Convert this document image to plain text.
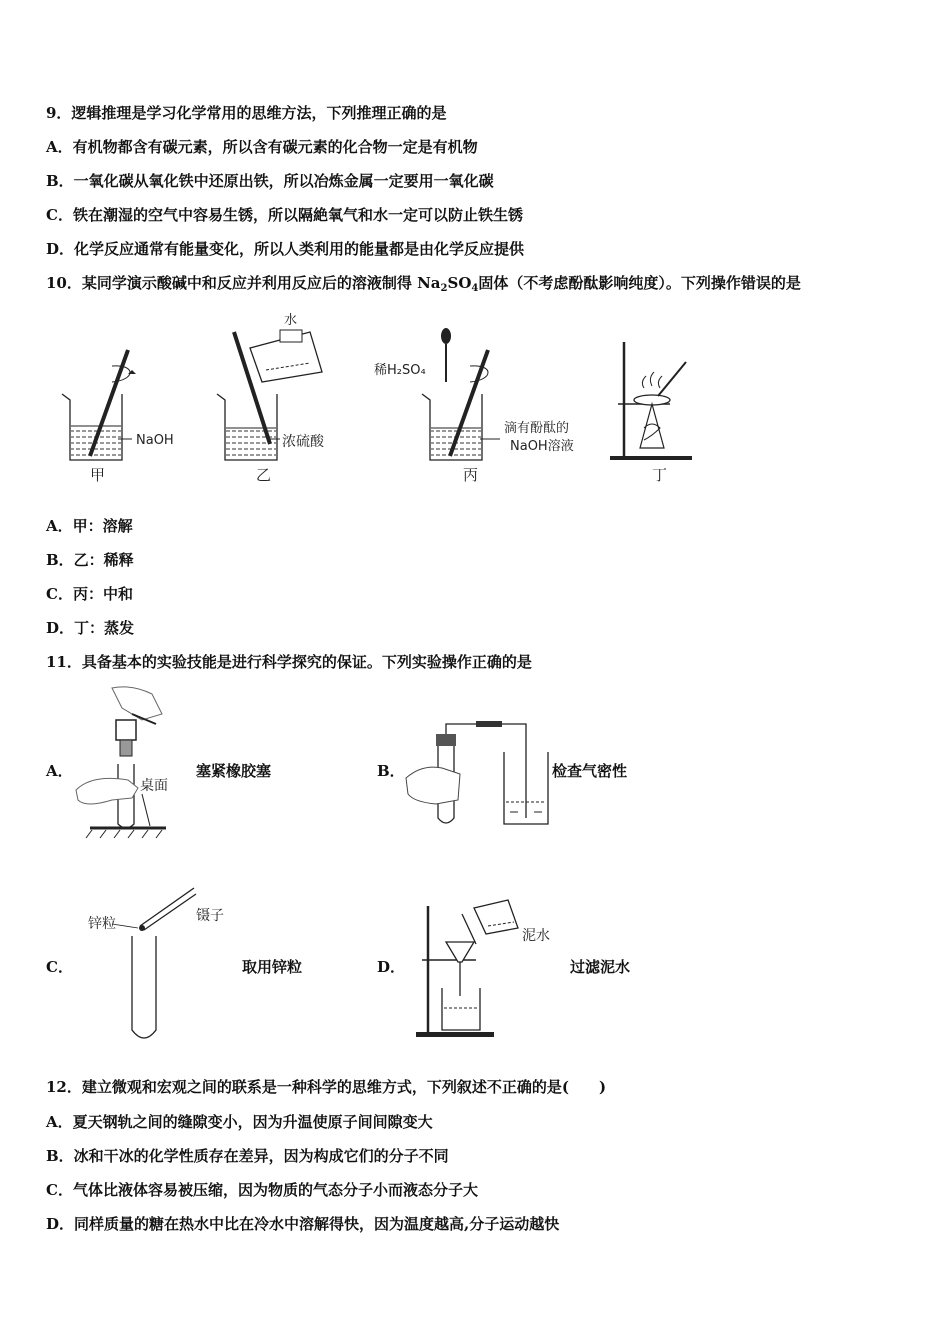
9．逻辑推理是学习化学常用的思维方法，下列推理正确的是
A．有机物都含有碳元素，所以含有碳元素的化合物一定是有机物
B．一氧化碳从氧化铁中还原出铁，所以冶炼金属一定要用一氧化碳
C．铁在潮湿的空气中容易生锈，所以隔絶氧气和水一定可以防止铁生锈
D．化学反应通常有能量变化，所以人类利用的能量都是由化学反应提供
10．某同学演示酸碱中和反应并利用反应后的溶液制得 $Na_2SO_4$固体（不考虑酚酞影响纯度）。下列操作错误的是
NaOH
甲
水
浓硫酸
乙
稀H₂SO₄
滴有酚酞的
NaOH溶液
丙	丁
A．甲：溶解
B．乙：稀释
C．丙：中和
D．丁：蒸发
11．具备基本的实验技能是进行科学探究的保证。下列实验操作正确的是
A．
桌面
塞紧橡胶塞	B．	检查气密性
C．
锌粒	镊子
取用锌粒	D．
泥水
过滤泥水
12．建立微观和宏观之间的联系是一种科学的思维方式，下列叙述不正确的是(　　)
A．夏天钢轨之间的缝隙变小，因为升温使原子间间隙变大
B．冰和干冰的化学性质存在差异，因为构成它们的分子不同
C．气体比液体容易被压缩，因为物质的气态分子小而液态分子大
D．同样质量的糖在热水中比在冷水中溶解得快，因为温度越高,分子运动越快
